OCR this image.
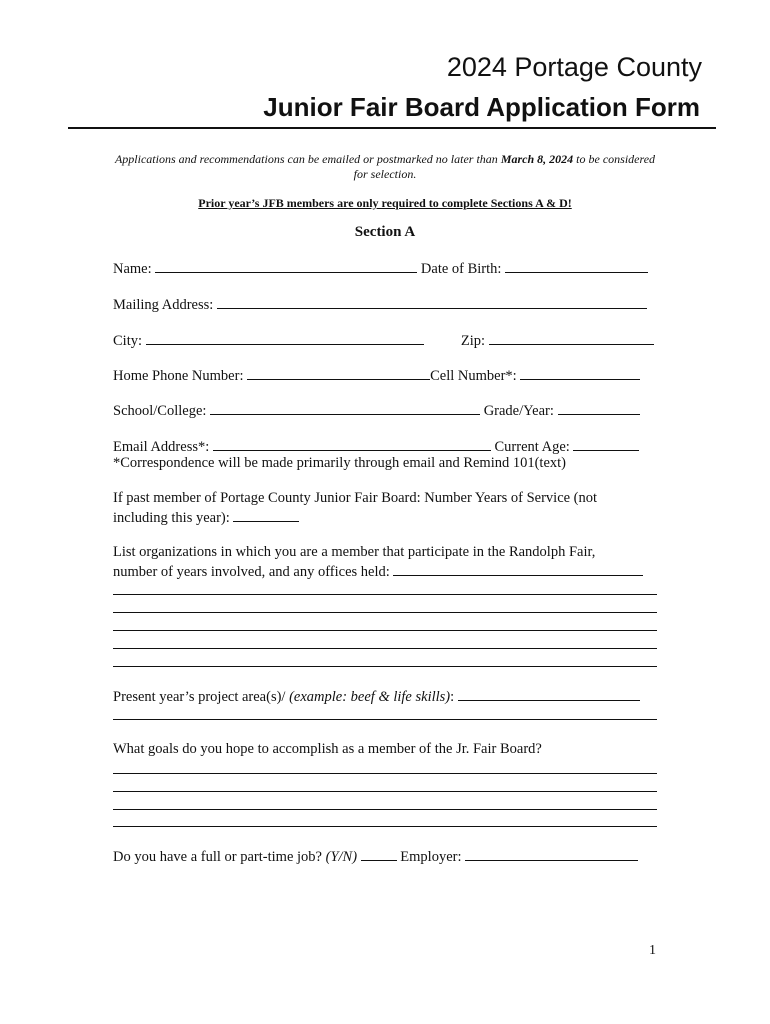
2024 Portage County
Junior Fair Board Application Form
Applications and recommendations can be emailed or postmarked no later than March 8, 2024 to be considered for selection.
Prior year’s JFB members are only required to complete Sections A & D!
Section A
Name:	Date of Birth:
Mailing Address:
City:	Zip:
Home Phone Number:	Cell Number*:
School/College:	Grade/Year:
Email Address*:	Current Age:
*Correspondence will be made primarily through email and Remind 101(text)
If past member of Portage County Junior Fair Board: Number Years of Service (not
including this year):
List organizations in which you are a member that participate in the Randolph Fair,
number of years involved, and any offices held:
Present year’s project area(s)/ (example: beef & life skills):
What goals do you hope to accomplish as a member of the Jr. Fair Board?
Do you have a full or part-time job? (Y/N)	Employer:
1
